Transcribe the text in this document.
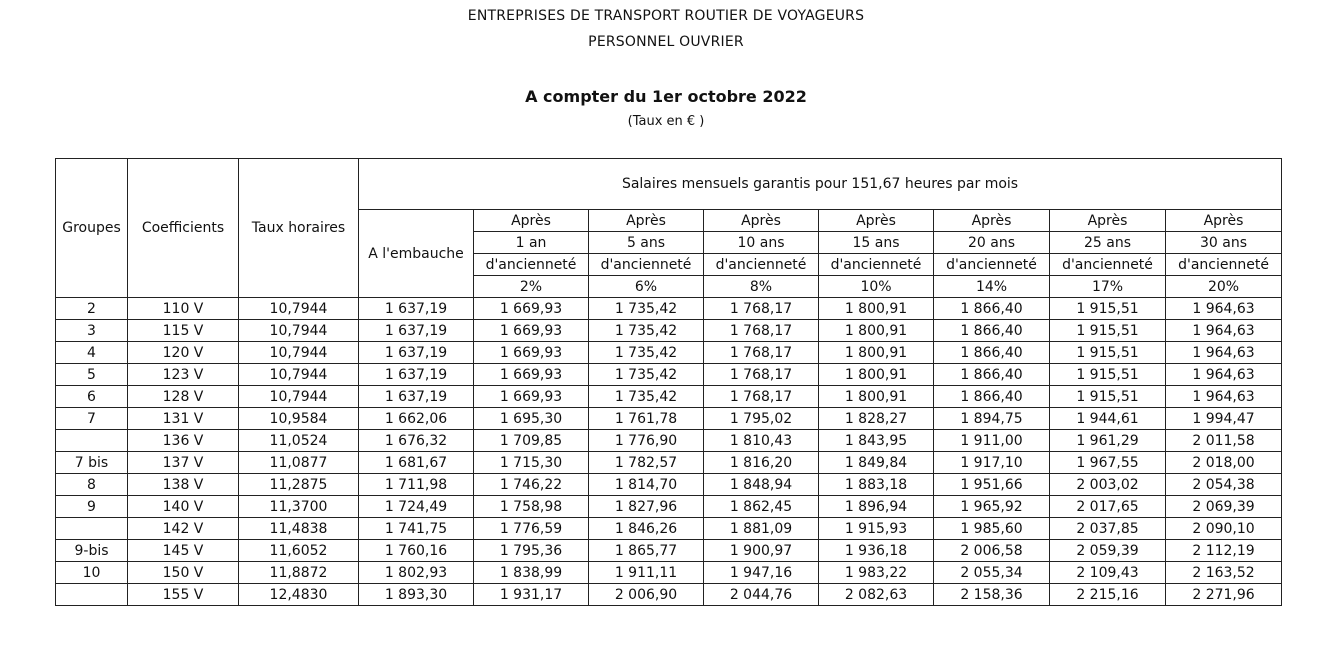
ENTREPRISES DE TRANSPORT ROUTIER DE VOYAGEURS
PERSONNEL OUVRIER
A compter du 1er octobre 2022
(Taux en € )
Groupes	Coefficients	Taux horaires	Salaires mensuels garantis pour 151,67 heures par mois							
			A l'embauche	Après	Après	Après	Après	Après	Après	Après
				1 an	5 ans	10 ans	15 ans	20 ans	25 ans	30 ans
				d'ancienneté	d'ancienneté	d'ancienneté	d'ancienneté	d'ancienneté	d'ancienneté	d'ancienneté
				2%	6%	8%	10%	14%	17%	20%
2	110 V	10,7944	1 637,19	1 669,93	1 735,42	1 768,17	1 800,91	1 866,40	1 915,51	1 964,63
3	115 V	10,7944	1 637,19	1 669,93	1 735,42	1 768,17	1 800,91	1 866,40	1 915,51	1 964,63
4	120 V	10,7944	1 637,19	1 669,93	1 735,42	1 768,17	1 800,91	1 866,40	1 915,51	1 964,63
5	123 V	10,7944	1 637,19	1 669,93	1 735,42	1 768,17	1 800,91	1 866,40	1 915,51	1 964,63
6	128 V	10,7944	1 637,19	1 669,93	1 735,42	1 768,17	1 800,91	1 866,40	1 915,51	1 964,63
7	131 V	10,9584	1 662,06	1 695,30	1 761,78	1 795,02	1 828,27	1 894,75	1 944,61	1 994,47
	136 V	11,0524	1 676,32	1 709,85	1 776,90	1 810,43	1 843,95	1 911,00	1 961,29	2 011,58
7 bis	137 V	11,0877	1 681,67	1 715,30	1 782,57	1 816,20	1 849,84	1 917,10	1 967,55	2 018,00
8	138 V	11,2875	1 711,98	1 746,22	1 814,70	1 848,94	1 883,18	1 951,66	2 003,02	2 054,38
9	140 V	11,3700	1 724,49	1 758,98	1 827,96	1 862,45	1 896,94	1 965,92	2 017,65	2 069,39
	142 V	11,4838	1 741,75	1 776,59	1 846,26	1 881,09	1 915,93	1 985,60	2 037,85	2 090,10
9-bis	145 V	11,6052	1 760,16	1 795,36	1 865,77	1 900,97	1 936,18	2 006,58	2 059,39	2 112,19
10	150 V	11,8872	1 802,93	1 838,99	1 911,11	1 947,16	1 983,22	2 055,34	2 109,43	2 163,52
	155 V	12,4830	1 893,30	1 931,17	2 006,90	2 044,76	2 082,63	2 158,36	2 215,16	2 271,96
